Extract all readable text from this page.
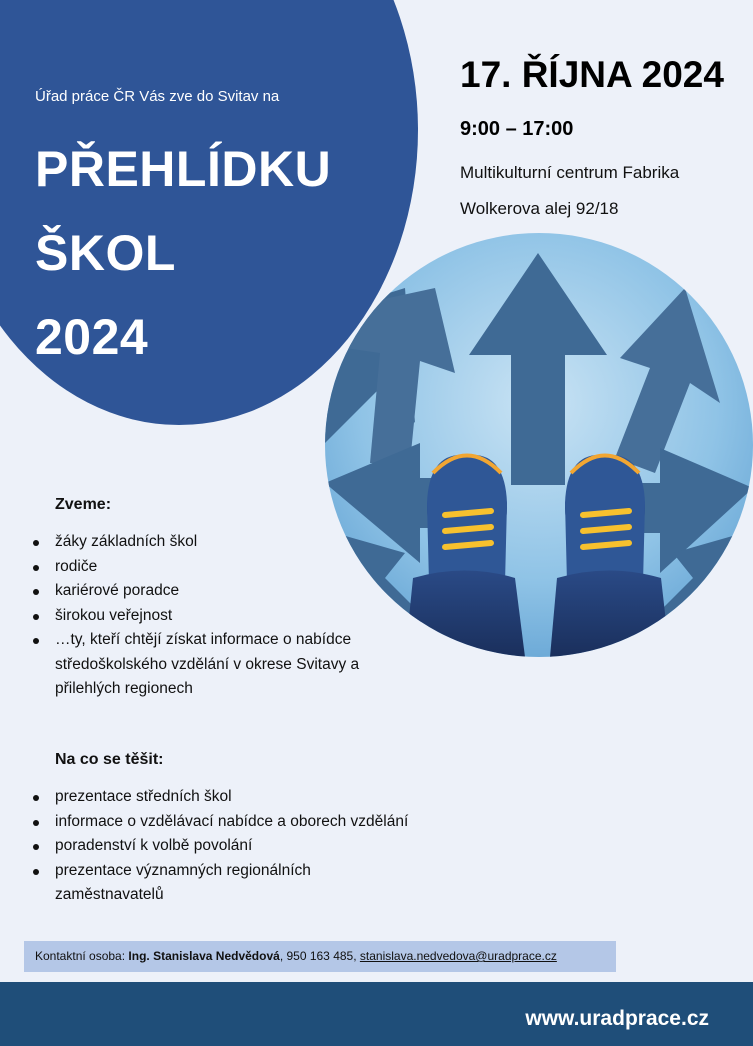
Úřad práce ČR Vás zve do Svitav na
PŘEHLÍDKU
ŠKOL
2024
17. ŘÍJNA 2024
9:00 – 17:00
Multikulturní centrum Fabrika
Wolkerova alej 92/18
Zveme:
žáky základních škol
rodiče
kariérové poradce
širokou veřejnost
…ty, kteří chtějí získat informace o nabídce
středoškolského vzdělání v okrese Svitavy a
přilehlých regionech
Na co se těšit:
prezentace středních škol
informace o vzdělávací nabídce a oborech vzdělání
poradenství k volbě povolání
prezentace významných regionálních
zaměstnavatelů
Kontaktní osoba: Ing. Stanislava Nedvědová, 950 163 485, stanislava.nedvedova@uradprace.cz
www.uradprace.cz
